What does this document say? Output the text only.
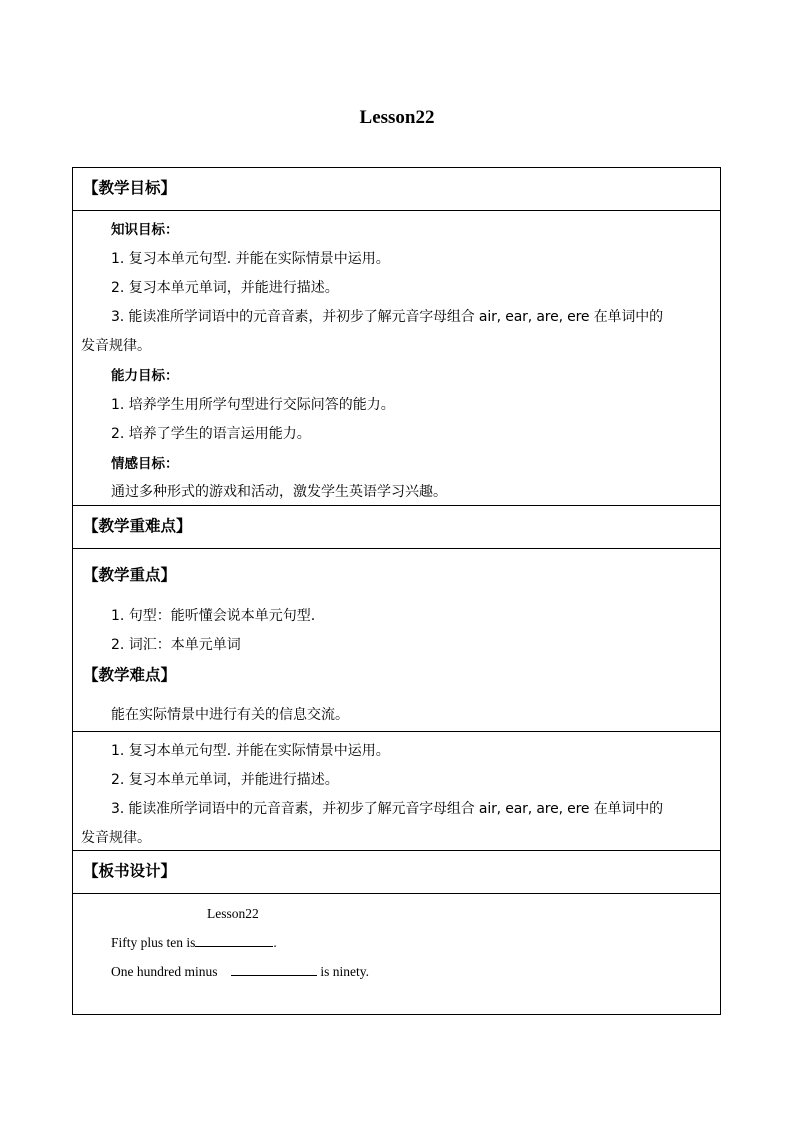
Lesson22
【教学目标】
知识目标：
1. 复习本单元句型. 并能在实际情景中运用。
2. 复习本单元单词，并能进行描述。
3. 能读准所学词语中的元音音素，并初步了解元音字母组合 air, ear, are, ere 在单词中的
发音规律。
能力目标：
1. 培养学生用所学句型进行交际问答的能力。
2. 培养了学生的语言运用能力。
情感目标：
通过多种形式的游戏和活动，激发学生英语学习兴趣。
【教学重难点】
【教学重点】
1. 句型：能听懂会说本单元句型.
2. 词汇：本单元单词
【教学难点】
能在实际情景中进行有关的信息交流。
1. 复习本单元句型. 并能在实际情景中运用。
2. 复习本单元单词，并能进行描述。
3. 能读准所学词语中的元音音素，并初步了解元音字母组合 air, ear, are, ere 在单词中的
发音规律。
【板书设计】
Lesson22
Fifty plus ten is	.
One hundred minus	is ninety.
